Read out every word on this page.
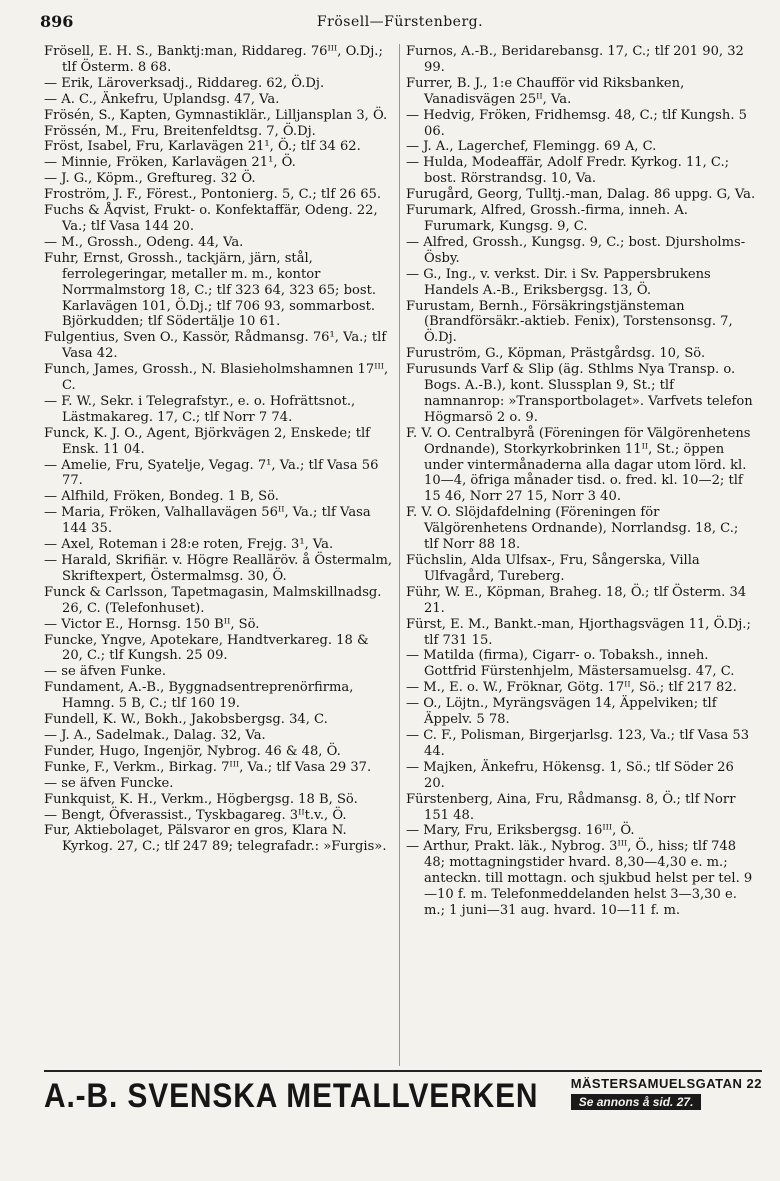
896	Frösell—Fürstenberg.
Frösell, E. H. S., Banktj:man, Riddareg. 76ᴵᴵᴵ, Ö.Dj.; tlf Österm. 8 68.
— Erik, Läroverksadj., Riddareg. 62, Ö.Dj.
— A. C., Änkefru, Uplandsg. 47, Va.
Frösén, S., Kapten, Gymnastiklär., Lilljansplan 3, Ö.
Frössén, M., Fru, Breitenfeldtsg. 7, Ö.Dj.
Fröst, Isabel, Fru, Karlavägen 21¹, Ö.; tlf 34 62.
— Minnie, Fröken, Karlavägen 21¹, Ö.
— J. G., Köpm., Greftureg. 32 Ö.
Froström, J. F., Förest., Pontonierg. 5, C.; tlf 26 65.
Fuchs & Åqvist, Frukt- o. Konfektaffär, Odeng. 22, Va.; tlf Vasa 144 20.
— M., Grossh., Odeng. 44, Va.
Fuhr, Ernst, Grossh., tackjärn, järn, stål, ferrolegeringar, metaller m. m., kontor Norrmalmstorg 18, C.; tlf 323 64, 323 65; bost. Karlavägen 101, Ö.Dj.; tlf 706 93, sommarbost. Björkudden; tlf Södertälje 10 61.
Fulgentius, Sven O., Kassör, Rådmansg. 76¹, Va.; tlf Vasa 42.
Funch, James, Grossh., N. Blasieholmshamnen 17ᴵᴵᴵ, C.
— F. W., Sekr. i Telegrafstyr., e. o. Hofrättsnot., Lästmakareg. 17, C.; tlf Norr 7 74.
Funck, K. J. O., Agent, Björkvägen 2, Enskede; tlf Ensk. 11 04.
— Amelie, Fru, Syatelje, Vegag. 7¹, Va.; tlf Vasa 56 77.
— Alfhild, Fröken, Bondeg. 1 B, Sö.
— Maria, Fröken, Valhallavägen 56ᴵᴵ, Va.; tlf Vasa 144 35.
— Axel, Roteman i 28:e roten, Frejg. 3¹, Va.
— Harald, Skrifiär. v. Högre Realläröv. å Östermalm, Skriftexpert, Östermalmsg. 30, Ö.
Funck & Carlsson, Tapetmagasin, Malmskillnadsg. 26, C. (Telefonhuset).
— Victor E., Hornsg. 150 Bᴵᴵ, Sö.
Funcke, Yngve, Apotekare, Handtverkareg. 18 & 20, C.; tlf Kungsh. 25 09.
— se äfven Funke.
Fundament, A.-B., Byggnadsentreprenörfirma, Hamng. 5 B, C.; tlf 160 19.
Fundell, K. W., Bokh., Jakobsbergsg. 34, C.
— J. A., Sadelmak., Dalag. 32, Va.
Funder, Hugo, Ingenjör, Nybrog. 46 & 48, Ö.
Funke, F., Verkm., Birkag. 7ᴵᴵᴵ, Va.; tlf Vasa 29 37.
— se äfven Funcke.
Funkquist, K. H., Verkm., Högbergsg. 18 B, Sö.
— Bengt, Öfverassist., Tyskbagareg. 3ᴵᴵt.v., Ö.
Fur, Aktiebolaget, Pälsvaror en gros, Klara N. Kyrkog. 27, C.; tlf 247 89; telegrafadr.: »Furgis».
Furnos, A.-B., Beridarebansg. 17, C.; tlf 201 90, 32 99.
Furrer, B. J., 1:e Chaufför vid Riksbanken, Vanadisvägen 25ᴵᴵ, Va.
— Hedvig, Fröken, Fridhemsg. 48, C.; tlf Kungsh. 5 06.
— J. A., Lagerchef, Flemingg. 69 A, C.
— Hulda, Modeaffär, Adolf Fredr. Kyrkog. 11, C.; bost. Rörstrandsg. 10, Va.
Furugård, Georg, Tulltj.-man, Dalag. 86 uppg. G, Va.
Furumark, Alfred, Grossh.-firma, inneh. A. Furumark, Kungsg. 9, C.
— Alfred, Grossh., Kungsg. 9, C.; bost. Djursholms-Ösby.
— G., Ing., v. verkst. Dir. i Sv. Pappersbrukens Handels A.-B., Eriksbergsg. 13, Ö.
Furustam, Bernh., Försäkringstjänsteman (Brandförsäkr.-aktieb. Fenix), Torstensonsg. 7, Ö.Dj.
Furuström, G., Köpman, Prästgårdsg. 10, Sö.
Furusunds Varf & Slip (äg. Sthlms Nya Transp. o. Bogs. A.-B.), kont. Slussplan 9, St.; tlf namnanrop: »Transportbolaget». Varfvets telefon Högmarsö 2 o. 9.
F. V. O. Centralbyrå (Föreningen för Välgörenhetens Ordnande), Storkyrkobrinken 11ᴵᴵ, St.; öppen under vintermånaderna alla dagar utom lörd. kl. 10—4, öfriga månader tisd. o. fred. kl. 10—2; tlf 15 46, Norr 27 15, Norr 3 40.
F. V. O. Slöjdafdelning (Föreningen för Välgörenhetens Ordnande), Norrlandsg. 18, C.; tlf Norr 88 18.
Füchslin, Alda Ulfsax-, Fru, Sångerska, Villa Ulfvagård, Tureberg.
Führ, W. E., Köpman, Braheg. 18, Ö.; tlf Österm. 34 21.
Fürst, E. M., Bankt.-man, Hjorthagsvägen 11, Ö.Dj.; tlf 731 15.
— Matilda (firma), Cigarr- o. Tobaksh., inneh. Gottfrid Fürstenhjelm, Mästersamuelsg. 47, C.
— M., E. o. W., Fröknar, Götg. 17ᴵᴵ, Sö.; tlf 217 82.
— O., Löjtn., Myrängsvägen 14, Äppelviken; tlf Äppelv. 5 78.
— C. F., Polisman, Birgerjarlsg. 123, Va.; tlf Vasa 53 44.
— Majken, Änkefru, Hökensg. 1, Sö.; tlf Söder 26 20.
Fürstenberg, Aina, Fru, Rådmansg. 8, Ö.; tlf Norr 151 48.
— Mary, Fru, Eriksbergsg. 16ᴵᴵᴵ, Ö.
— Arthur, Prakt. läk., Nybrog. 3ᴵᴵᴵ, Ö., hiss; tlf 748 48; mottagningstider hvard. 8,30—4,30 e. m.; anteckn. till mottagn. och sjukbud helst per tel. 9—10 f. m. Telefonmeddelanden helst 3—3,30 e. m.; 1 juni—31 aug. hvard. 10—11 f. m.
A.-B. SVENSKA METALLVERKEN MÄSTERSAMUELSGATAN 22
Se annons å sid. 27.
